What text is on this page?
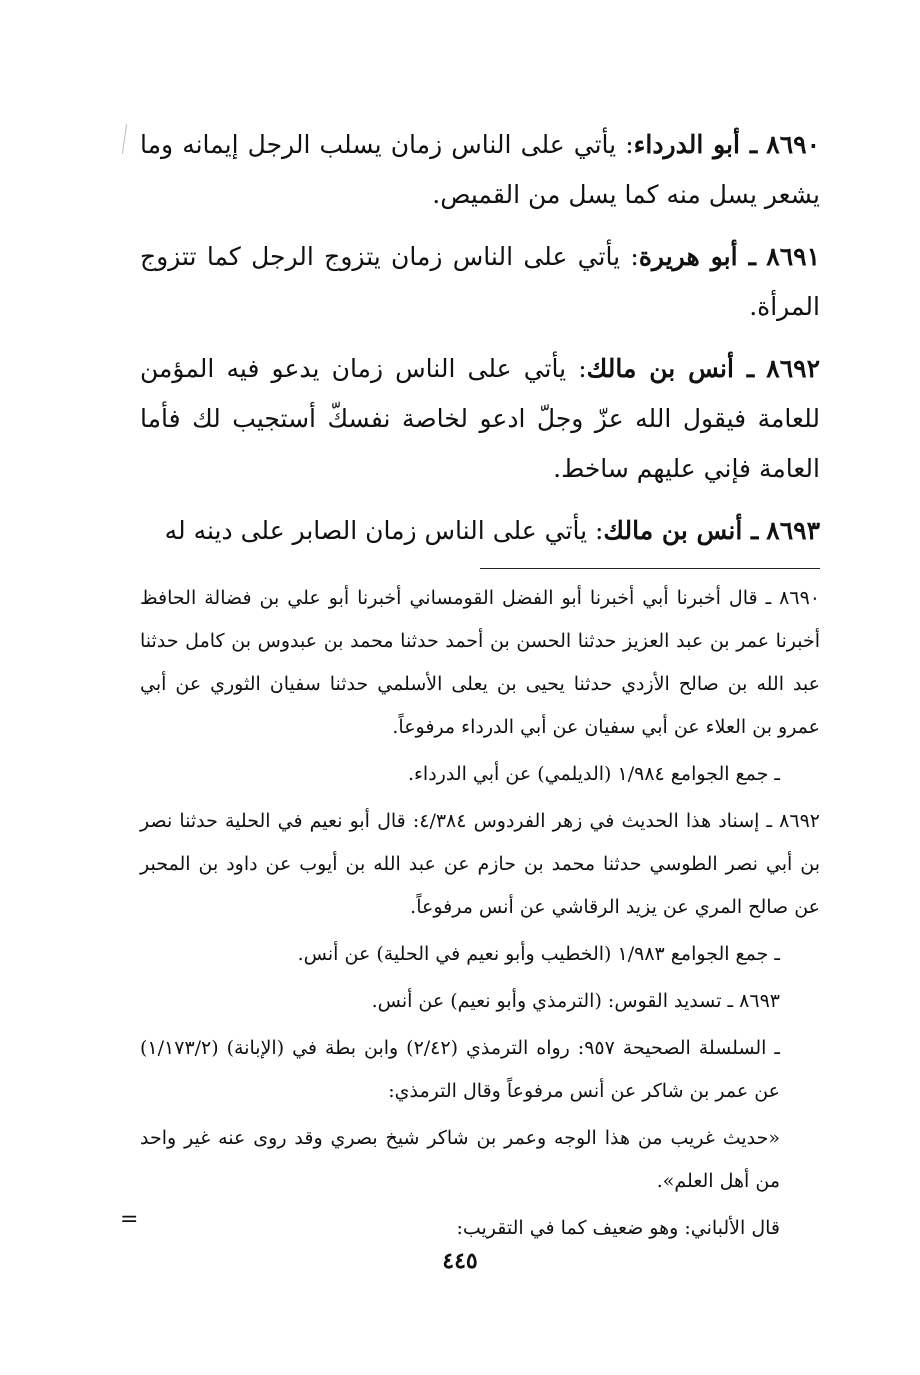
٨٦٩٠ ـ أبو الدرداء: يأتي على الناس زمان يسلب الرجل إيمانه وما يشعر يسل منه كما يسل من القميص.

٨٦٩١ ـ أبو هريرة: يأتي على الناس زمان يتزوج الرجل كما تتزوج المرأة.

٨٦٩٢ ـ أنس بن مالك: يأتي على الناس زمان يدعو فيه المؤمن للعامة فيقول الله عزّ وجلّ ادعو لخاصة نفسكّ أستجيب لك فأما العامة فإني عليهم ساخط.

٨٦٩٣ ـ أنس بن مالك: يأتي على الناس زمان الصابر على دينه له

٨٦٩٠ ـ قال أخبرنا أبي أخبرنا أبو الفضل القومساني أخبرنا أبو علي بن فضالة الحافظ أخبرنا عمر بن عبد العزيز حدثنا الحسن بن أحمد حدثنا محمد بن عبدوس بن كامل حدثنا عبد الله بن صالح الأزدي حدثنا يحيى بن يعلى الأسلمي حدثنا سفيان الثوري عن أبي عمرو بن العلاء عن أبي سفيان عن أبي الدرداء مرفوعاً.

ـ جمع الجوامع ١/٩٨٤ (الديلمي) عن أبي الدرداء.

٨٦٩٢ ـ إسناد هذا الحديث في زهر الفردوس ٤/٣٨٤: قال أبو نعيم في الحلية حدثنا نصر بن أبي نصر الطوسي حدثنا محمد بن حازم عن عبد الله بن أيوب عن داود بن المحبر عن صالح المري عن يزيد الرقاشي عن أنس مرفوعاً.

ـ جمع الجوامع ١/٩٨٣ (الخطيب وأبو نعيم في الحلية) عن أنس.

٨٦٩٣ ـ تسديد القوس: (الترمذي وأبو نعيم) عن أنس.

ـ السلسلة الصحيحة ٩٥٧: رواه الترمذي (٢/٤٢) وابن بطة في (الإبانة) (١/١٧٣/٢) عن عمر بن شاكر عن أنس مرفوعاً وقال الترمذي:

«حديث غريب من هذا الوجه وعمر بن شاكر شيخ بصري وقد روى عنه غير واحد من أهل العلم».

قال الألباني: وهو ضعيف كما في التقريب:

=
٤٤٥
